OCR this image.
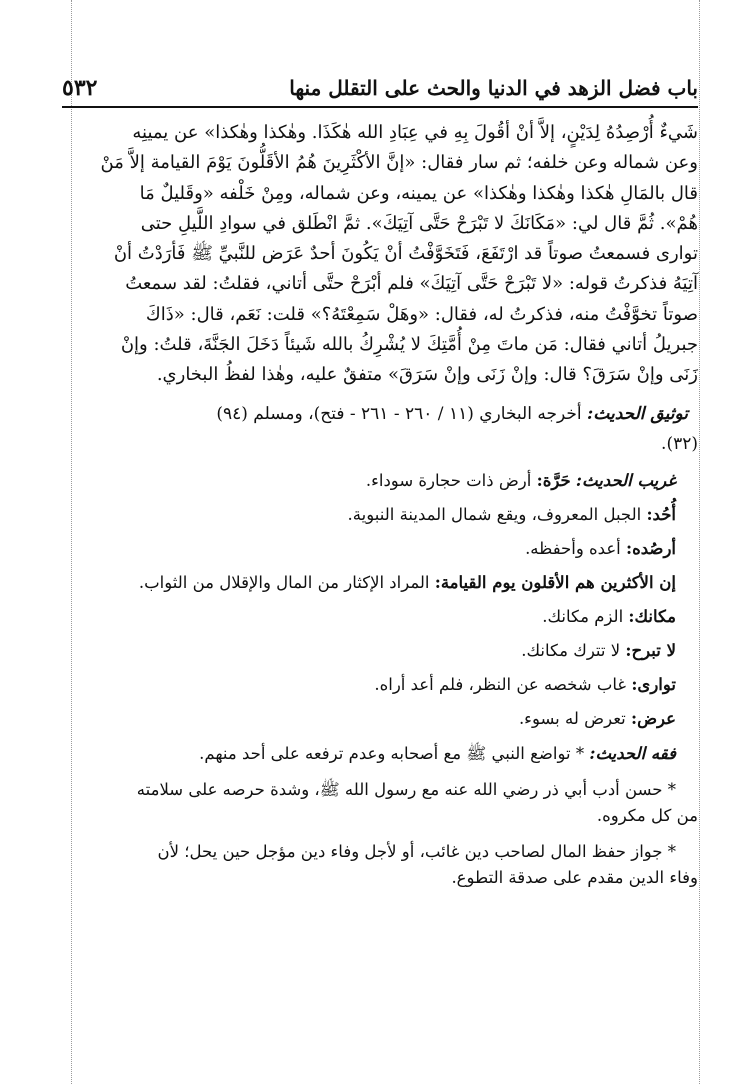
باب فضل الزهد في الدنيا والحث على التقلل منها
٥٣٢
شَيءٌ أُرْصِدُهُ لِدَيْنٍ، إلاَّ أنْ أقُولَ بِهِ في عِبَادِ الله هٰكَذَا. وهٰكذا وهٰكذا» عن يمينِه
وعن شماله وعن خلفه؛ ثم سار فقال: «إنَّ الأكْثَرِينَ هُمُ الأقَلُّونَ يَوْمَ القيامة إلاَّ مَنْ
قال بالمَالِ هٰكذا وهٰكذا وهٰكذا» عن يمينه، وعن شماله، ومِنْ خَلْفه «وقَليلٌ مَا
هُمْ». ثُمَّ قال لي: «مَكَانَكَ لا تَبْرَحْ حَتَّى آتِيَكَ». ثمَّ انْطَلق في سوادِ اللَّيلِ حتى
توارى فسمعتُ صوتاً قد ارْتَفَعَ، فَتَخَوَّفْتُ أنْ يَكُونَ أحدٌ عَرَض للنَّبيِّ ﷺ فَأرَدْتُ أنْ
آتِيَهُ فذكرتُ قوله: «لا تَبْرَحْ حَتَّى آتِيَكَ» فلم أبْرَحْ حتَّى أتاني، فقلتُ: لقد سمعتُ
صوتاً تخوَّفْتُ منه، فذكرتُ له، فقال: «وهَلْ سَمِعْتَهُ؟» قلت: نَعَم، قال: «ذَاكَ
جبريلُ أتاني فقال: مَن ماتَ مِنْ أُمَّتِكَ لا يُشْرِكُ بالله شَيئاً دَخَلَ الجَنَّةَ، قلتُ: وإنْ
زَنَى وإنْ سَرَقَ؟ قال: وإنْ زَنَى وإنْ سَرَقَ» متفقٌ عليه، وهٰذا لفظُ البخاري.
توثيق الحديث: أخرجه البخاري (١١ / ٢٦٠ - ٢٦١ - فتح)، ومسلم (٩٤)
(٣٢).
غريب الحديث: حَرَّة: أرض ذات حجارة سوداء.
أُحُد: الجبل المعروف، ويقع شمال المدينة النبوية.
أرصُده: أعده وأحفظه.
إن الأكثرين هم الأقلون يوم القيامة: المراد الإكثار من المال والإقلال من الثواب.
مكانك: الزم مكانك.
لا تبرح: لا تترك مكانك.
توارى: غاب شخصه عن النظر، فلم أعد أراه.
عرض: تعرض له بسوء.
فقه الحديث: * تواضع النبي ﷺ مع أصحابه وعدم ترفعه على أحد منهم.
* حسن أدب أبي ذر رضي الله عنه مع رسول الله ﷺ، وشدة حرصه على سلامته
من كل مكروه.
* جواز حفظ المال لصاحب دين غائب، أو لأجل وفاء دين مؤجل حين يحل؛ لأن
وفاء الدين مقدم على صدقة التطوع.
